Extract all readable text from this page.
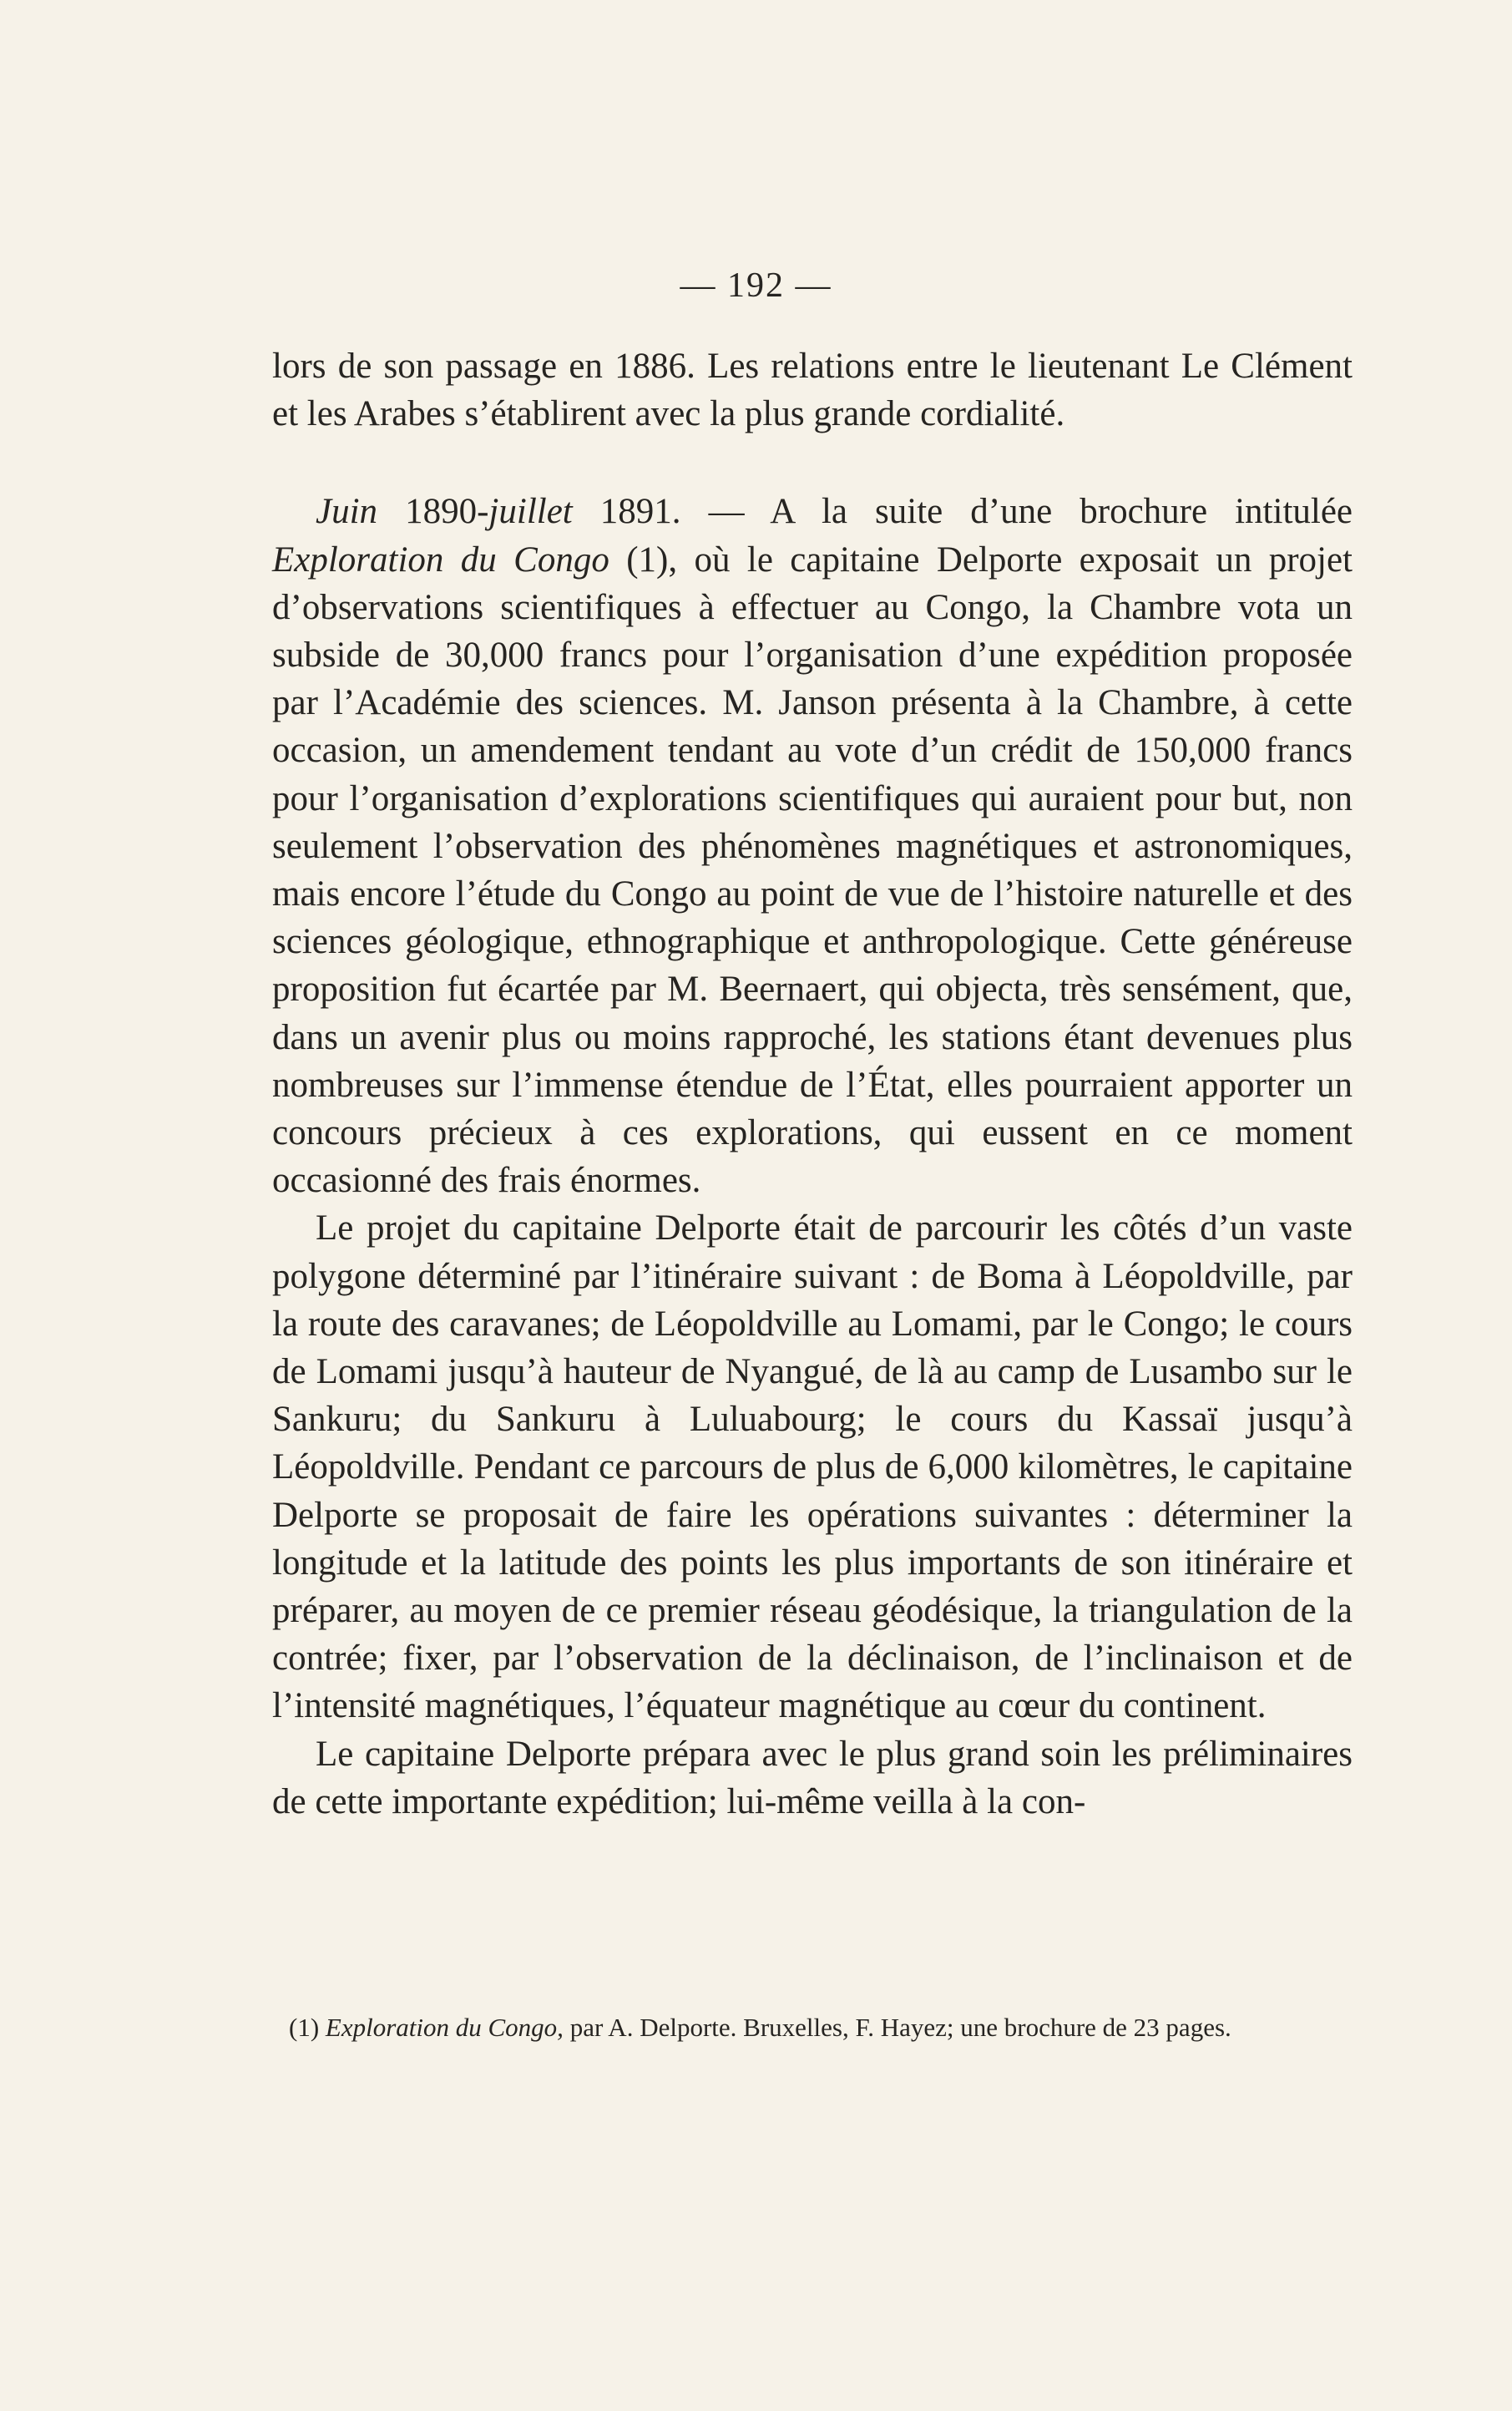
— 192 —

lors de son passage en 1886. Les relations entre le lieutenant Le Clément et les Arabes s’établirent avec la plus grande cordialité.

Juin 1890-juillet 1891. — A la suite d’une brochure intitulée Exploration du Congo (1), où le capitaine Delporte exposait un projet d’observations scientifiques à effectuer au Congo, la Chambre vota un subside de 30,000 francs pour l’organisation d’une expédition proposée par l’Académie des sciences. M. Janson présenta à la Chambre, à cette occasion, un amendement tendant au vote d’un crédit de 150,000 francs pour l’organisation d’explorations scientifiques qui auraient pour but, non seulement l’observation des phénomènes magnétiques et astronomiques, mais encore l’étude du Congo au point de vue de l’histoire naturelle et des sciences géologique, ethnographique et anthropologique. Cette généreuse proposition fut écartée par M. Beernaert, qui objecta, très sensément, que, dans un avenir plus ou moins rapproché, les stations étant devenues plus nombreuses sur l’immense étendue de l’État, elles pourraient apporter un concours précieux à ces explorations, qui eussent en ce moment occasionné des frais énormes.

Le projet du capitaine Delporte était de parcourir les côtés d’un vaste polygone déterminé par l’itinéraire suivant : de Boma à Léopoldville, par la route des caravanes; de Léopoldville au Lomami, par le Congo; le cours de Lomami jusqu’à hauteur de Nyangué, de là au camp de Lusambo sur le Sankuru; du Sankuru à Luluabourg; le cours du Kassaï jusqu’à Léopoldville. Pendant ce parcours de plus de 6,000 kilomètres, le capitaine Delporte se proposait de faire les opérations suivantes : déterminer la longitude et la latitude des points les plus importants de son itinéraire et préparer, au moyen de ce premier réseau géodésique, la triangulation de la contrée; fixer, par l’observation de la déclinaison, de l’inclinaison et de l’intensité magnétiques, l’équateur magnétique au cœur du continent.

Le capitaine Delporte prépara avec le plus grand soin les préliminaires de cette importante expédition; lui-même veilla à la con-

(1) Exploration du Congo, par A. Delporte. Bruxelles, F. Hayez; une brochure de 23 pages.
